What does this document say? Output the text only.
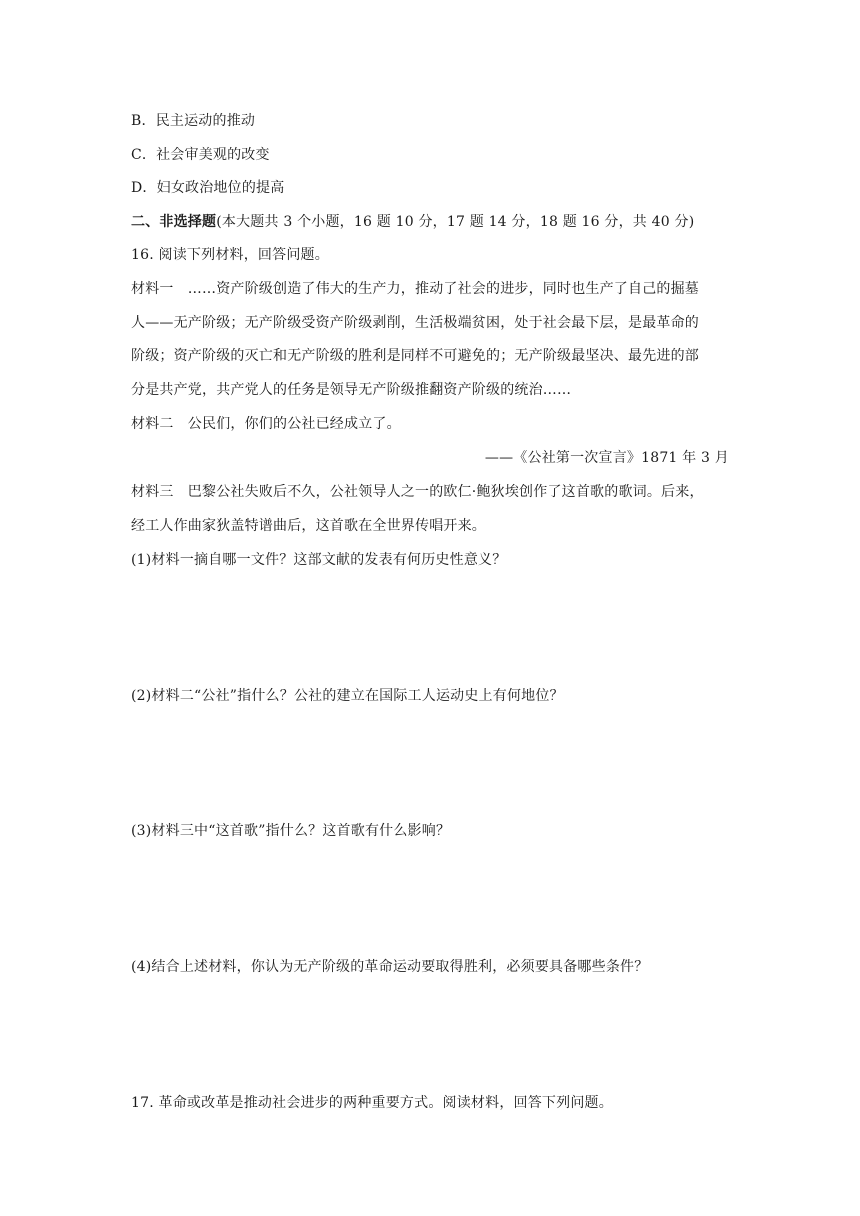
B．民主运动的推动
C．社会审美观的改变
D．妇女政治地位的提高
二、非选择题(本大题共 3 个小题，16 题 10 分，17 题 14 分，18 题 16 分，共 40 分)
16. 阅读下列材料，回答问题。
材料一　……资产阶级创造了伟大的生产力，推动了社会的进步，同时也生产了自己的掘墓
人——无产阶级；无产阶级受资产阶级剥削，生活极端贫困，处于社会最下层，是最革命的
阶级；资产阶级的灭亡和无产阶级的胜利是同样不可避免的；无产阶级最坚决、最先进的部
分是共产党，共产党人的任务是领导无产阶级推翻资产阶级的统治……
材料二　公民们，你们的公社已经成立了。
——《公社第一次宣言》1871 年 3 月
材料三　巴黎公社失败后不久，公社领导人之一的欧仁·鲍狄埃创作了这首歌的歌词。后来，
经工人作曲家狄盖特谱曲后，这首歌在全世界传唱开来。
(1)材料一摘自哪一文件？这部文献的发表有何历史性意义？
(2)材料二“公社”指什么？公社的建立在国际工人运动史上有何地位？
(3)材料三中“这首歌”指什么？这首歌有什么影响？
(4)结合上述材料，你认为无产阶级的革命运动要取得胜利，必须要具备哪些条件？
17. 革命或改革是推动社会进步的两种重要方式。阅读材料，回答下列问题。
